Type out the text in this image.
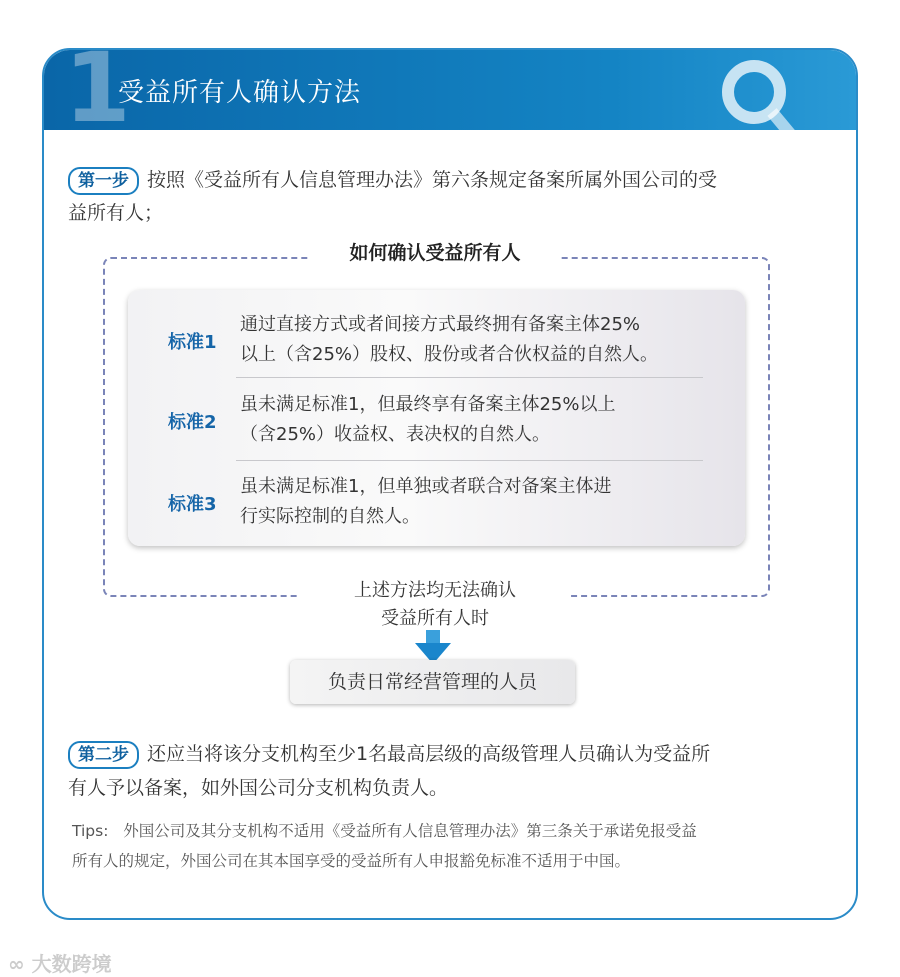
1
受益所有人确认方法
第一步 按照《受益所有人信息管理办法》第六条规定备案所属外国公司的受
益所有人；
如何确认受益所有人
标准1
通过直接方式或者间接方式最终拥有备案主体25%
以上（含25%）股权、股份或者合伙权益的自然人。
标准2
虽未满足标准1，但最终享有备案主体25%以上
（含25%）收益权、表决权的自然人。
标准3
虽未满足标准1，但单独或者联合对备案主体进
行实际控制的自然人。
上述方法均无法确认
受益所有人时
负责日常经营管理的人员
第二步 还应当将该分支机构至少1名最高层级的高级管理人员确认为受益所
有人予以备案，如外国公司分支机构负责人。
Tips: 外国公司及其分支机构不适用《受益所有人信息管理办法》第三条关于承诺免报受益
所有人的规定，外国公司在其本国享受的受益所有人申报豁免标准不适用于中国。
∞ 大数跨境
